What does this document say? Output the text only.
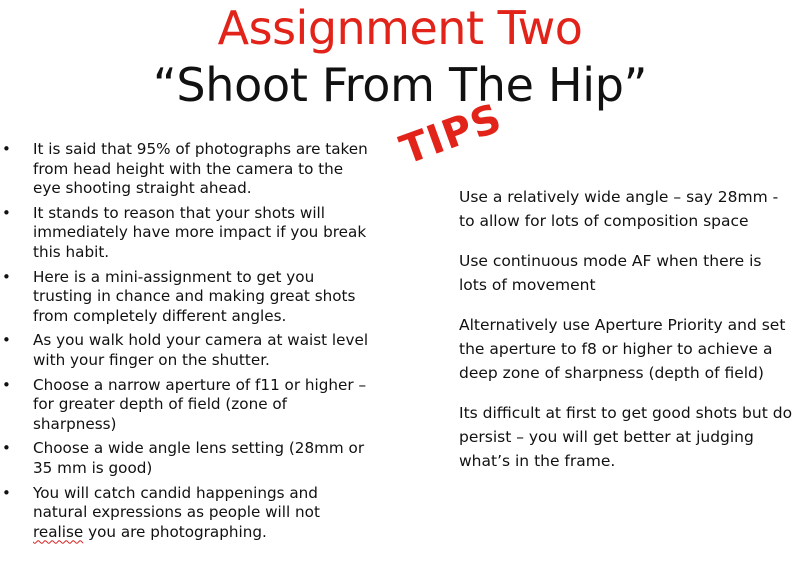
Assignment Two
“Shoot From The Hip”
• It is said that 95% of photographs are taken from head height with the camera to the eye shooting straight ahead.
• It stands to reason that your shots will immediately have more impact if you break this habit.
• Here is a mini-assignment to get you trusting in chance and making great shots from completely different angles.
• As you walk hold your camera at waist level with your finger on the shutter.
• Choose a narrow aperture of f11 or higher – for greater depth of field (zone of sharpness)
• Choose a wide angle lens setting (28mm or 35 mm is good)
• You will catch candid happenings and natural expressions as people will not realise you are photographing.
TIPS

Use a relatively wide angle – say 28mm - to allow for lots of composition space

Use continuous mode AF when there is lots of movement

Alternatively use Aperture Priority and set the aperture to f8 or higher to achieve a deep zone of sharpness (depth of field)

Its difficult at first to get good shots but do persist – you will get better at judging what’s in the frame.
